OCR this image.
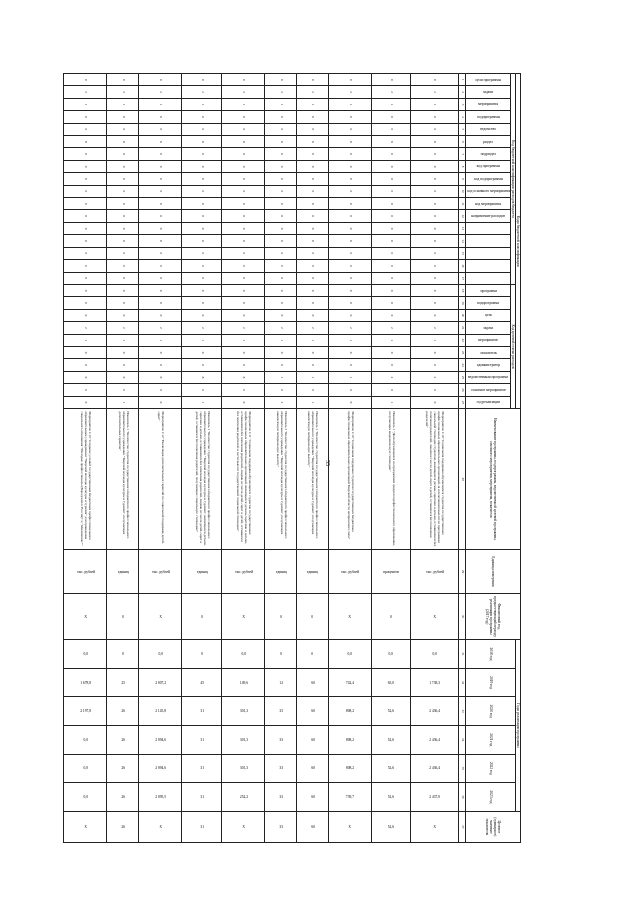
55
Коды бюджетной классификации																											Наименование программы, подпрограммы, ведомственной целевой программы, основного мероприятия, мероприятия, показателя	Единица измерения	Финансовый год, предшествующий периоду реализации программы (2017 год)	Годы реализации программы						Целевое (суммарное) значение показателя
Код бюджетной классификации расходов бюджета																	Код целевой статьи расходов													2018 год	2019 год	2020 год	2021 год	2022 год	2023 год	
цели программы	задачи	мероприятия	подпрограммы	ведомство	раздел	подраздел	код программы	код подпрограммы	код основного мероприятия	код мероприятия	направление расходов						программа	подпрограмма	цель	задача	мероприятие	показатель	администратор	ведомственная программа	основное мероприятие	год реализации										

1	2	3	4	5	6	7	8	9	10	11	12	13	14	15	16	17	18	19	20	21	22	23	24	25	26	27	28	29	30	31	32	33	34	35	36	37
0	2	1	0	0	8	0	0	0	0	0	0	0	0	0	0	0	0	0	0	2	1	0	0	2	0	0	Мероприятие 2.10 "Социальная поддержка обучающихся студентов государственных профессиональных образовательных организаций, за исключением выплат по программам социальной стипендии студентам, являющимся детьми-сиротами и детьми, оставшимися без попечения родителей, лицами из числа детей-сирот и детей, оставшихся без попечения родителей"	тыс. рублей	X	0,0	1 738,3	2 436,4	2 436,4	2 436,4	2 437,0	X
0	2	1	0	0	8	0	0	0	0	0	0	0	0	0	0	0	0	0	0	2	1	0	0	2	0	1	Показатель 1 "Доля обучающихся по программам среднего профессионального образования, получающих академическую стипендию"	процентов	0	0,0	65,0	52,6	52,6	52,6	52,6	52,6
0	2	1	0	0	8	0	0	0	0	0	0	0	0	0	0	0	0	0	0	2	1	0	0	1	0	0	Мероприятие 2.10 "Социальная поддержка студентов государственных бюджетных профессиональных образовательных организаций Тверской области интернатного типа"	тыс. рублей	X	0,0	742,4	808,2	808,2	808,2	739,7	X
0	2	1	0	0	8	0	0	0	0	0	0	0	0	0	0	0	0	0	0	2	1	0	0	1	0	1	Показатель 1 "Количество студентов государственного бюджетного профессионального образовательного учреждения "Тверской колледж культуры и туризма", получающих ежемесячную материальную выплату"	единиц	0	0	60	60	60	60	60	60
0	2	1	0	0	8	0	0	0	0	0	0	0	0	0	0	0	0	0	0	2	1	0	0	1	0	2	Показатель 2 "Количество студентов государственного бюджетного профессионального образовательного учреждения "Тверской колледж культуры и туризма", получающих ежемесячную материальную выплату"	единиц	0	0	12	33	33	33	33	33
0	2	1	0	0	8	0	0	0	0	0	0	0	0	0	0	0	0	0	0	2	1	0	0	8	0	0	Мероприятие 2.11 "Социальная поддержка обучающихся студентов государственных профессиональных образовательных организаций, являющихся детьми-сиротами и детьми, оставшимися без попечения родителей, лицами из числа детей-сирот и детей, оставшихся без попечения родителей, в части выплат государственной социальной стипендии"	тыс. рублей	X	0,0	149,6	301,3	301,3	301,3	252,2	X
0	2	1	0	0	8	0	0	0	0	0	0	0	0	0	0	0	0	0	0	2	1	0	0	8	0	1	Показатель 1 "Количество студентов государственного бюджетного профессионального образовательного учреждения "Тверской колледж культуры и туризма", являющихся детьми-сиротами и детьми, оставшимися без попечения родителей, лицами из числа детей-сирот и детей, оставшихся без попечения родителей, получающих социальную стипендию"	единиц	0	0	45	31	31	31	31	31
0	2	1	0	0	8	0	0	0	0	0	0	0	0	0	0	0	0	0	0	2	1	0	0	0	0	0	Мероприятие 2.12 "Реализация дополнительных гарантий по социальной поддержке детей-сирот"	тыс. рублей	X	0,0	2 007,2	2 145,8	2 094,6	2 094,6	2 095,5	X
0	2	1	0	0	8	0	0	0	0	0	0	0	0	0	0	0	0	0	0	2	1	0	0	0	0	1	Показатель 1 "Количество студентов государственного бюджетного профессионального образовательного учреждения "Тверской колледж культуры и туризма", получающих дополнительные гарантии"	единиц	0	0	25	26	26	26	26	26
0	2	1	0	0	8	0	0	0	0	0	0	0	0	0	0	0	0	0	0	2	1	0	0	0	0	0	Мероприятие 2.13 "Создание условий государственным бюджетным профессиональным образовательным учреждением "Тверской колледж культуры и туризма" для проведения социального отношения "Молодые профессионалы (Ворлдскиллс Россия)" и "Абилимпикс""	тыс. рублей	X	0,0	1 678,8	2 197,8	0,0	0,0	0,0	X
